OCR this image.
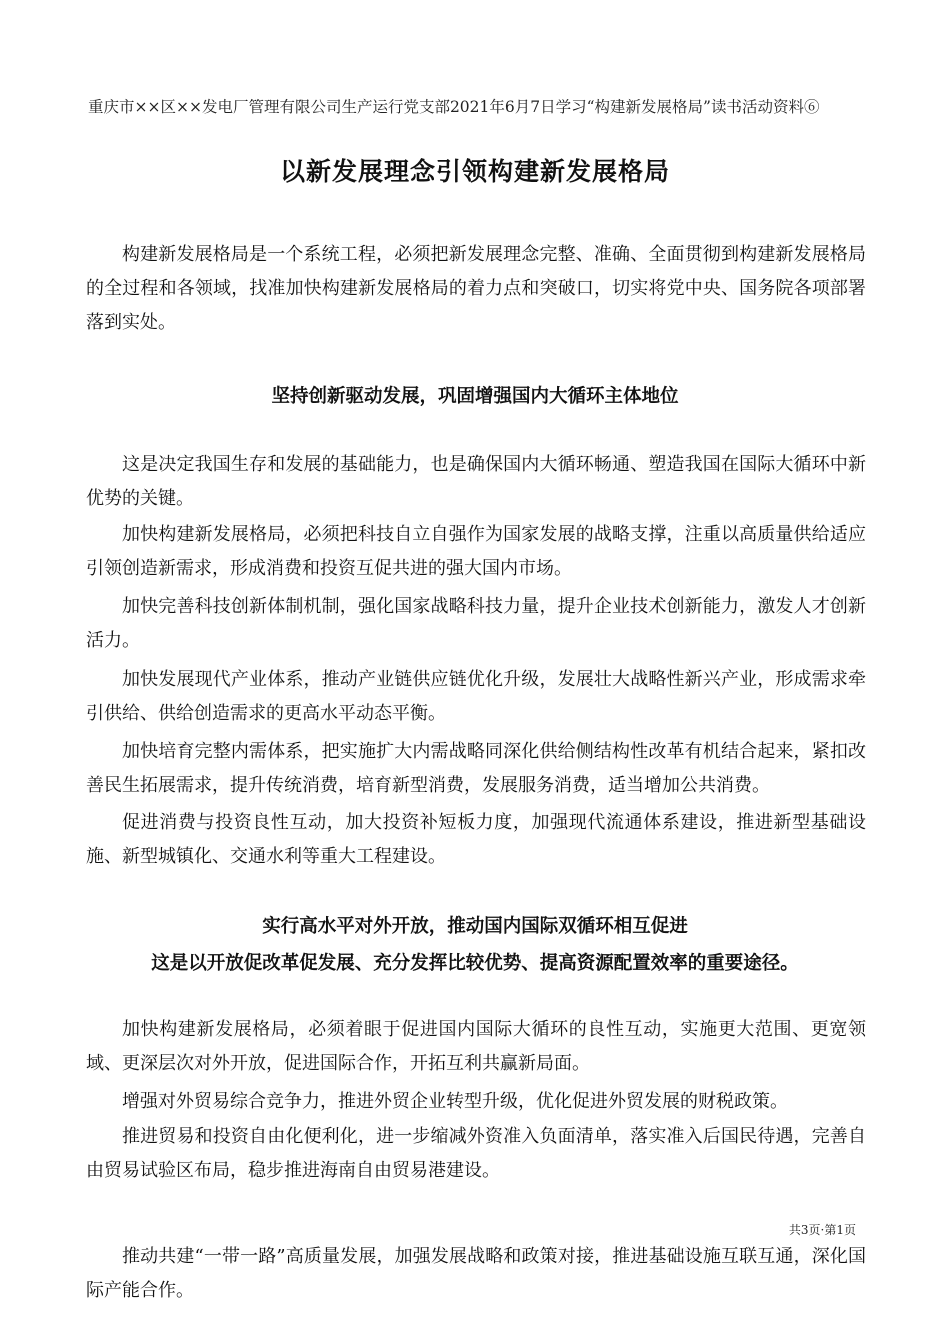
重庆市××区××发电厂管理有限公司生产运行党支部2021年6月7日学习“构建新发展格局”读书活动资料⑥
以新发展理念引领构建新发展格局

构建新发展格局是一个系统工程，必须把新发展理念完整、准确、全面贯彻到构建新发展格局的全过程和各领域，找准加快构建新发展格局的着力点和突破口，切实将党中央、国务院各项部署落到实处。

坚持创新驱动发展，巩固增强国内大循环主体地位

这是决定我国生存和发展的基础能力，也是确保国内大循环畅通、塑造我国在国际大循环中新优势的关键。

加快构建新发展格局，必须把科技自立自强作为国家发展的战略支撑，注重以高质量供给适应引领创造新需求，形成消费和投资互促共进的强大国内市场。

加快完善科技创新体制机制，强化国家战略科技力量，提升企业技术创新能力，激发人才创新活力。

加快发展现代产业体系，推动产业链供应链优化升级，发展壮大战略性新兴产业，形成需求牵引供给、供给创造需求的更高水平动态平衡。

加快培育完整内需体系，把实施扩大内需战略同深化供给侧结构性改革有机结合起来，紧扣改善民生拓展需求，提升传统消费，培育新型消费，发展服务消费，适当增加公共消费。

促进消费与投资良性互动，加大投资补短板力度，加强现代流通体系建设，推进新型基础设施、新型城镇化、交通水利等重大工程建设。

实行高水平对外开放，推动国内国际双循环相互促进
这是以开放促改革促发展、充分发挥比较优势、提高资源配置效率的重要途径。

加快构建新发展格局，必须着眼于促进国内国际大循环的良性互动，实施更大范围、更宽领域、更深层次对外开放，促进国际合作，开拓互利共赢新局面。

增强对外贸易综合竞争力，推进外贸企业转型升级，优化促进外贸发展的财税政策。

推进贸易和投资自由化便利化，进一步缩减外资准入负面清单，落实准入后国民待遇，完善自由贸易试验区布局，稳步推进海南自由贸易港建设。

共3页·第1页

推动共建“一带一路”高质量发展，加强发展战略和政策对接，推进基础设施互联互通，深化国际产能合作。
